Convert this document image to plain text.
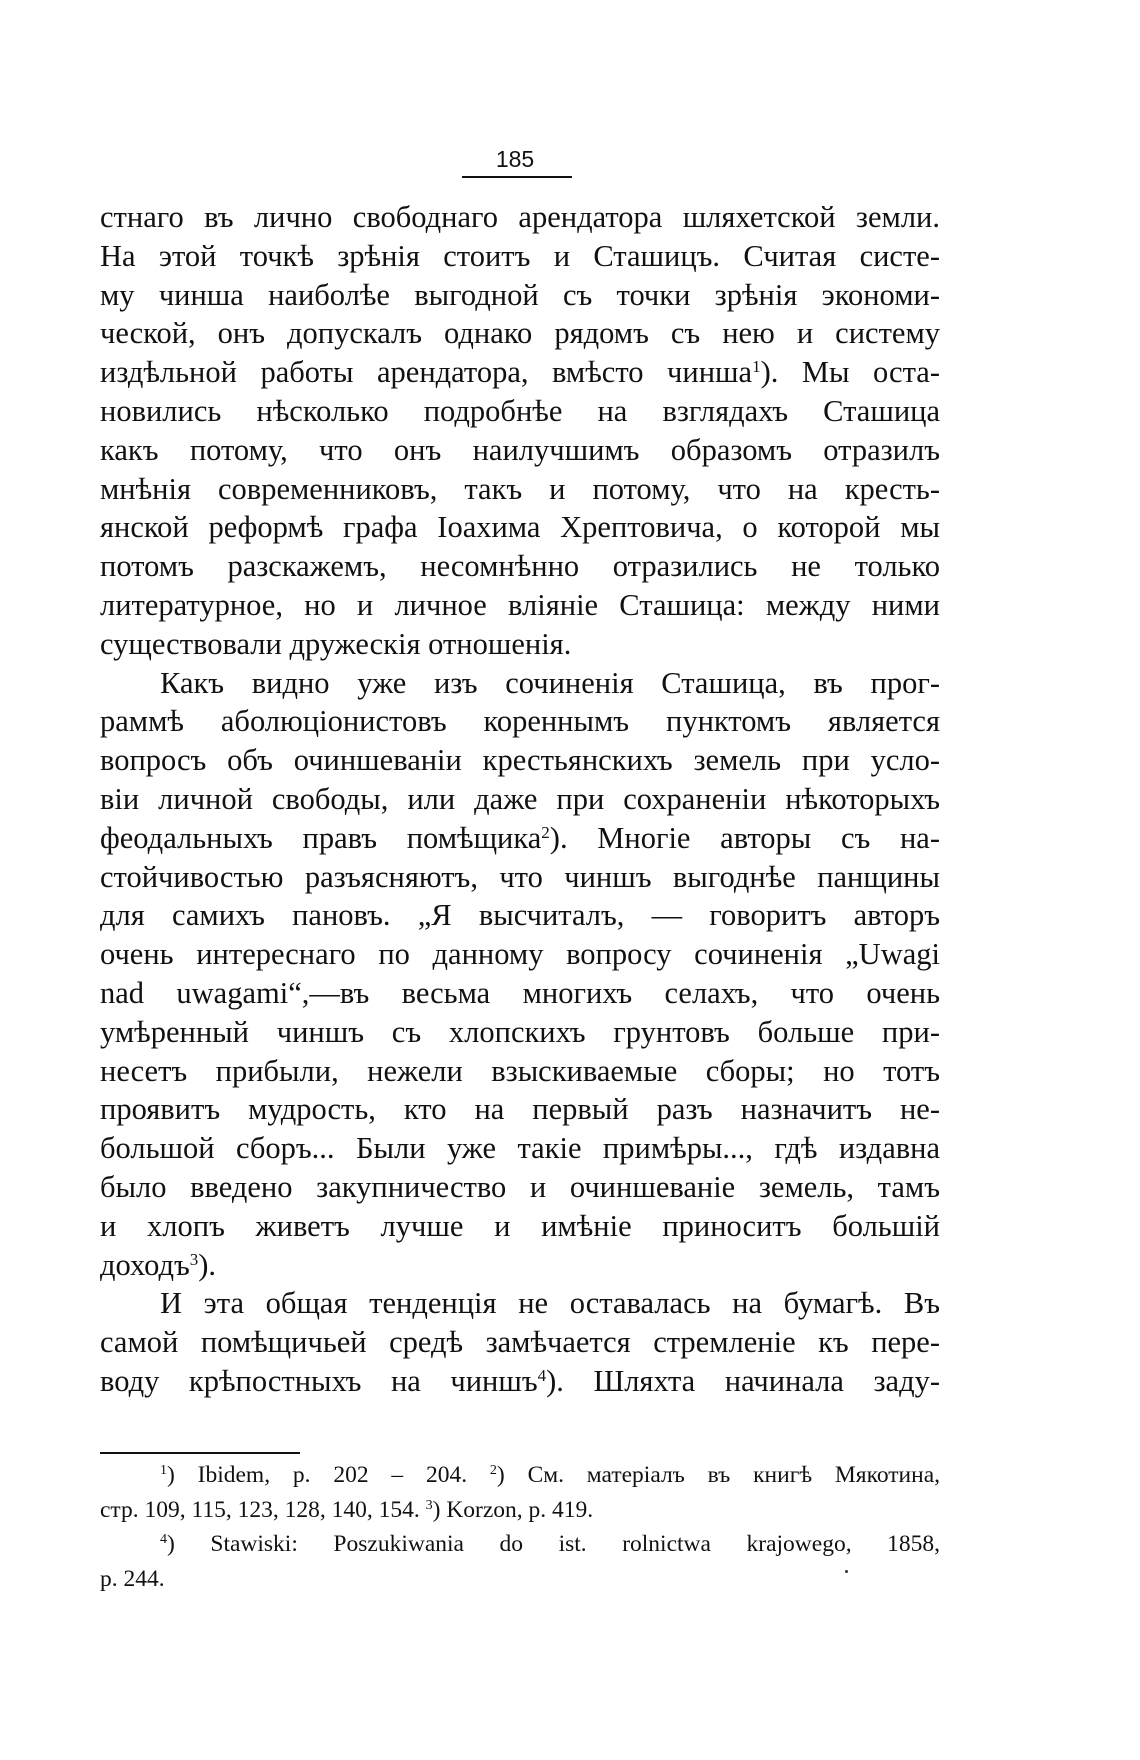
185
стнаго въ лично свободнаго арендатора шляхетской земли.
На этой точкѣ зрѣнія стоитъ и Сташицъ. Считая систе-
му чинша наиболѣе выгодной съ точки зрѣнія экономи-
ческой, онъ допускалъ однако рядомъ съ нею и систему
издѣльной работы арендатора, вмѣсто чинша$^1$). Мы оста-
новились нѣсколько подробнѣе на взглядахъ Сташица
какъ потому, что онъ наилучшимъ образомъ отразилъ
мнѣнія современниковъ, такъ и потому, что на кресть-
янской реформѣ графа Іоахима Хрептовича, о которой мы
потомъ разскажемъ, несомнѣнно отразились не только
литературное, но и личное вліяніе Сташица: между ними
существовали дружескія отношенія.
Какъ видно уже изъ сочиненія Сташица, въ прог-
раммѣ аболюціонистовъ кореннымъ пунктомъ является
вопросъ объ очиншеваніи крестьянскихъ земель при усло-
віи личной свободы, или даже при сохраненіи нѣкоторыхъ
феодальныхъ правъ помѣщика$^2$). Многіе авторы съ на-
стойчивостью разъясняютъ, что чиншъ выгоднѣе панщины
для самихъ пановъ. „Я высчиталъ, — говоритъ авторъ
очень интереснаго по данному вопросу сочиненія „Uwagi
nad uwagami“,—въ весьма многихъ селахъ, что очень
умѣренный чиншъ съ хлопскихъ грунтовъ больше при-
несетъ прибыли, нежели взыскиваемые сборы; но тотъ
проявитъ мудрость, кто на первый разъ назначитъ не-
большой сборъ... Были уже такіе примѣры..., гдѣ издавна
было введено закупничество и очиншеваніе земель, тамъ
и хлопъ живетъ лучше и имѣніе приноситъ большій
доходъ$^3$).
И эта общая тенденція не оставалась на бумагѣ. Въ
самой помѣщичьей средѣ замѣчается стремленіе къ пере-
воду крѣпостныхъ на чиншъ$^4$). Шляхта начинала заду-
$^1$) Ibidem, p. 202 – 204. $^2$) См. матеріалъ въ книгѣ Мякотина,
стр. 109, 115, 123, 128, 140, 154. $^3$) Korzon, p. 419.
$^4$) Stawiski: Poszukiwania do ist. rolnictwa krajowego, 1858,
p. 244.
